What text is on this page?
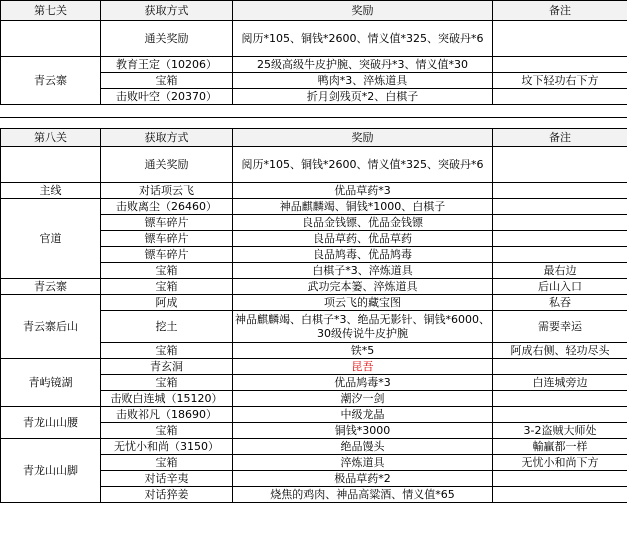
第七关	获取方式	奖励	备注
	通关奖励	阅历*105、铜钱*2600、情义值*325、突破丹*6	
青云寨	教育王定（10206）	25级高级牛皮护腕、突破丹*3、情义值*30	
	宝箱	鸭肉*3、淬炼道具	坟下轻功右下方
	击败叶空（20370）	折月剑残页*2、白棋子	
第八关	获取方式	奖励	备注
	通关奖励	阅历*105、铜钱*2600、情义值*325、突破丹*6	
主线	对话项云飞	优品草药*3	
官道	击败离尘（26460）	神品麒麟竭、铜钱*1000、白棋子	
	镖车碎片	良品金钱镖、优品金钱镖	
	镖车碎片	良品草药、优品草药	
	镖车碎片	良品鸠毒、优品鸠毒	
	宝箱	白棋子*3、淬炼道具	最右边
青云寨	宝箱	武功完本篓、淬炼道具	后山入口
青云寨后山	阿成	项云飞的藏宝图	私吞
	挖土	神品麒麟竭、白棋子*3、绝品无影针、铜钱*6000、30级传说牛皮护腕	需要幸运
	宝箱	铁*5	阿成右侧、轻功尽头
青屿镜湖	青玄洞	昆吾	
	宝箱	优品鸠毒*3	白连城旁边
	击败白连城（15120）	潮汐一剑	
青龙山山腰	击败祁凡（18690）	中级龙晶	
	宝箱	铜钱*3000	3-2盗贼大师处
青龙山山脚	无忧小和尚（3150）	绝品馒头	輸贏都一样
	宝箱	淬炼道具	无忧小和尚下方
	对话辛夷	极品草药*2	
	对话猝姜	烧焦的鸡肉、神品高粱酒、情义值*65	
